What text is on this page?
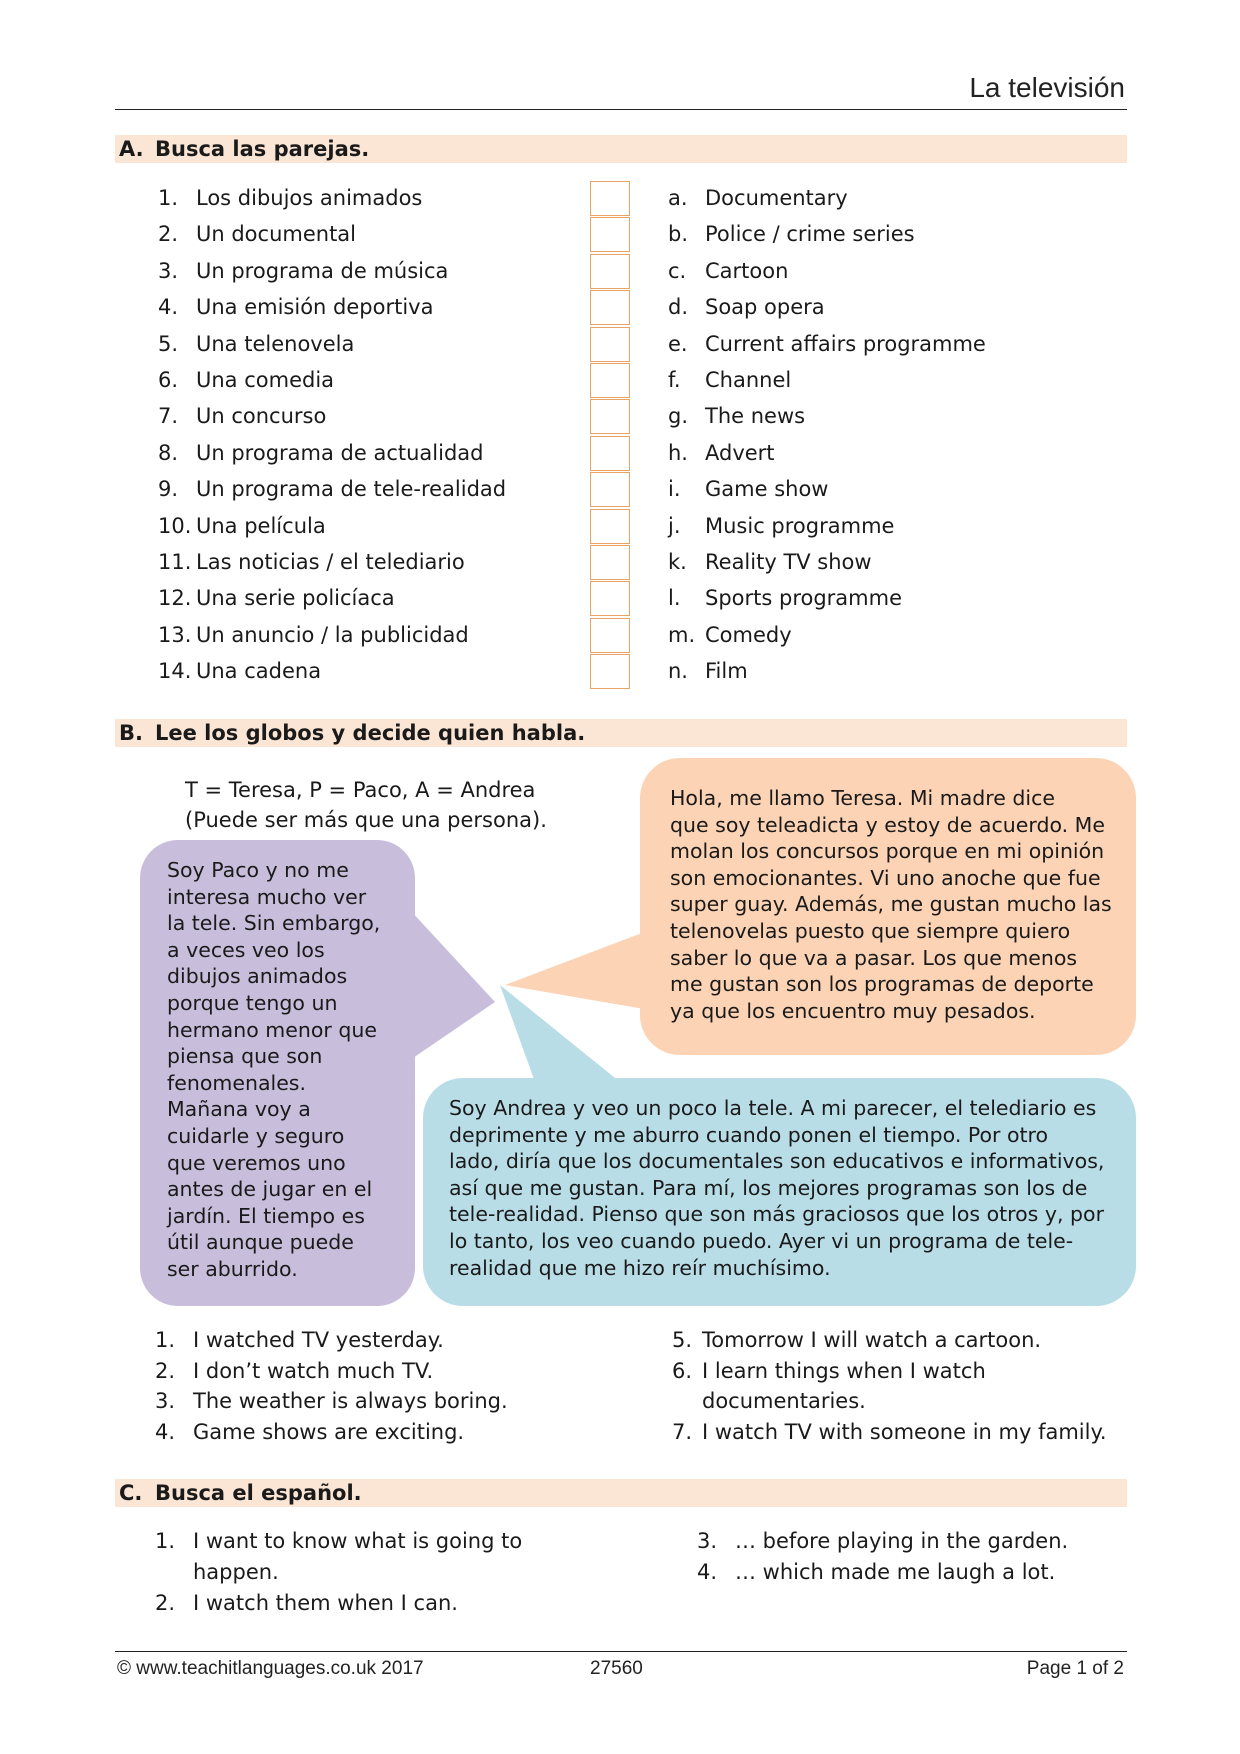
La televisión
A. Busca las parejas.
1. Los dibujos animados
2. Un documental
3. Un programa de música
4. Una emisión deportiva
5. Una telenovela
6. Una comedia
7. Un concurso
8. Un programa de actualidad
9. Un programa de tele-realidad
10. Una película
11. Las noticias / el telediario
12. Una serie policíaca
13. Un anuncio / la publicidad
14. Una cadena
a. Documentary
b. Police / crime series
c. Cartoon
d. Soap opera
e. Current affairs programme
f. Channel
g. The news
h. Advert
i. Game show
j. Music programme
k. Reality TV show
l. Sports programme
m. Comedy
n. Film
B. Lee los globos y decide quien habla.
T = Teresa, P = Paco, A = Andrea
(Puede ser más que una persona).
Soy Paco y no me
interesa mucho ver
la tele. Sin embargo,
a veces veo los
dibujos animados
porque tengo un
hermano menor que
piensa que son
fenomenales.
Mañana voy a
cuidarle y seguro
que veremos uno
antes de jugar en el
jardín. El tiempo es
útil aunque puede
ser aburrido.
Hola, me llamo Teresa. Mi madre dice
que soy teleadicta y estoy de acuerdo. Me
molan los concursos porque en mi opinión
son emocionantes. Vi uno anoche que fue
super guay. Además, me gustan mucho las
telenovelas puesto que siempre quiero
saber lo que va a pasar. Los que menos
me gustan son los programas de deporte
ya que los encuentro muy pesados.
Soy Andrea y veo un poco la tele. A mi parecer, el telediario es
deprimente y me aburro cuando ponen el tiempo. Por otro
lado, diría que los documentales son educativos e informativos,
así que me gustan. Para mí, los mejores programas son los de
tele-realidad. Pienso que son más graciosos que los otros y, por
lo tanto, los veo cuando puedo. Ayer vi un programa de tele-
realidad que me hizo reír muchísimo.
1. I watched TV yesterday.
2. I don’t watch much TV.
3. The weather is always boring.
4. Game shows are exciting.
5. Tomorrow I will watch a cartoon.
6. I learn things when I watch
documentaries.
7. I watch TV with someone in my family.
C. Busca el español.
1. I want to know what is going to
happen.
2. I watch them when I can.
3. … before playing in the garden.
4. … which made me laugh a lot.
© www.teachitlanguages.co.uk 2017	27560	Page 1 of 2
